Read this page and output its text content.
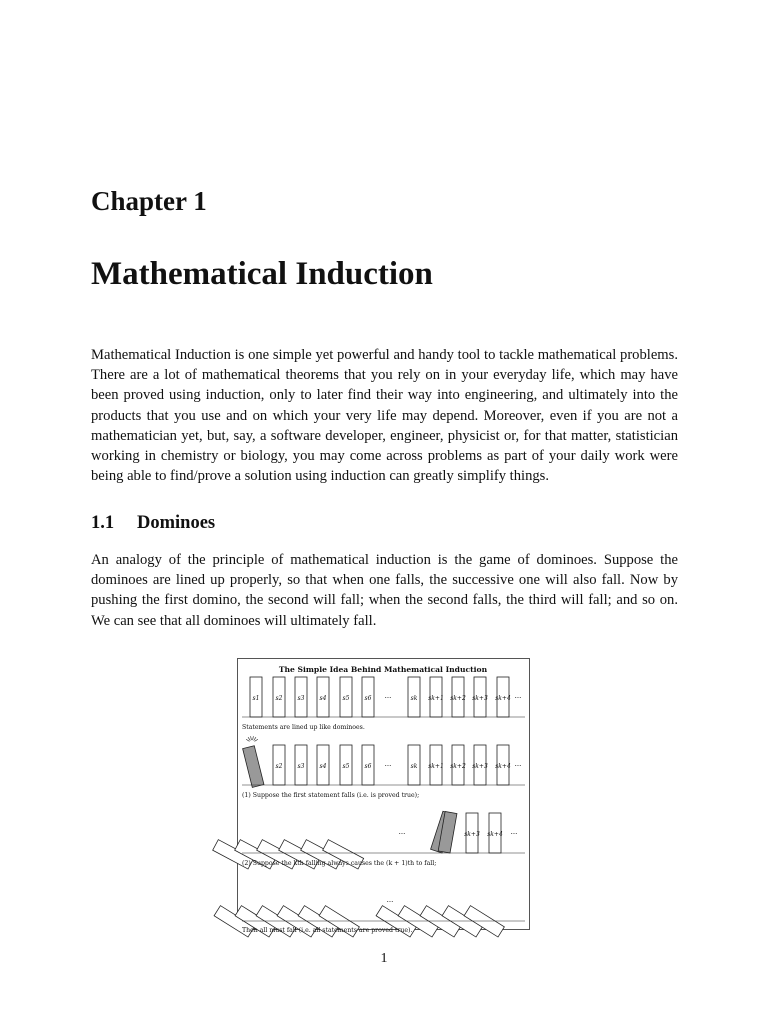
Chapter 1
Mathematical Induction

Mathematical Induction is one simple yet powerful and handy tool to tackle mathematical problems. There are a lot of mathematical theorems that you rely on in your everyday life, which may have been proved using induction, only to later find their way into engineering, and ultimately into the products that you use and on which your very life may depend. Moreover, even if you are not a mathematician yet, but, say, a software developer, engineer, physicist or, for that matter, statistician working in chemistry or biology, you may come across problems as part of your daily work were being able to find/prove a solution using induction can greatly simplify things.

1.1 Dominoes

An analogy of the principle of mathematical induction is the game of dominoes. Suppose the dominoes are lined up properly, so that when one falls, the successive one will also fall. Now by pushing the first domino, the second will fall; when the second falls, the third will fall; and so on. We can see that all dominoes will ultimately fall.

The Simple Idea Behind Mathematical Induction
s1	s2	s3	s4	s5	s6	sk sk+1 sk+2 sk+3 sk+4
···	···
Statements are lined up like dominoes.
s2	s3	s4	s5	s6	sk sk+1 sk+2 sk+3 sk+4
···	···
(1) Suppose the first statement falls (i.e. is proved true);
···	sk+3 sk+4 ···
(2) Suppose the kth falling always causes the (k + 1)th to fall;
···
Then all must fall (i.e. all statements are proved true).
1
